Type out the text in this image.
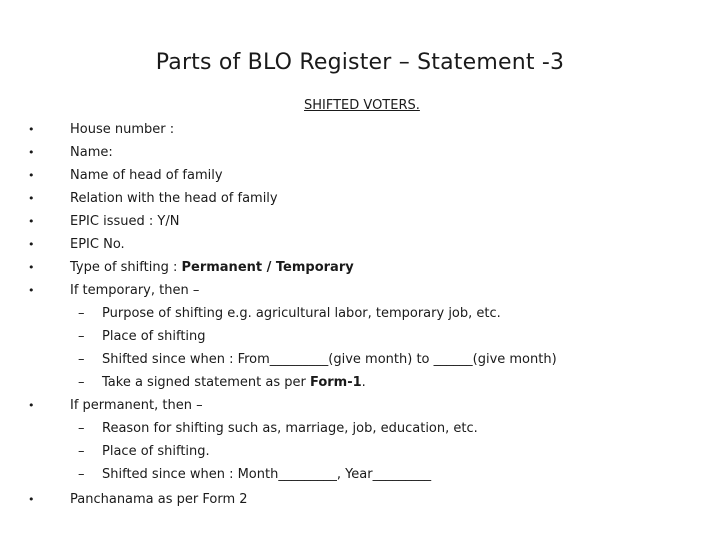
Parts of BLO Register – Statement -3
SHIFTED VOTERS.
•	House number :
•	Name:
•	Name of head of family
•	Relation with the head of family
•	EPIC issued : Y/N
•	EPIC No.
•	Type of shifting : Permanent / Temporary
•	If temporary, then –
– Purpose of shifting e.g. agricultural labor, temporary job, etc.
– Place of shifting
– Shifted since when : From_________(give month) to ______(give month)
– Take a signed statement as per Form-1.
•	If permanent, then –
– Reason for shifting such as, marriage, job, education, etc.
– Place of shifting.
– Shifted since when : Month_________, Year_________
•	Panchanama as per Form 2
